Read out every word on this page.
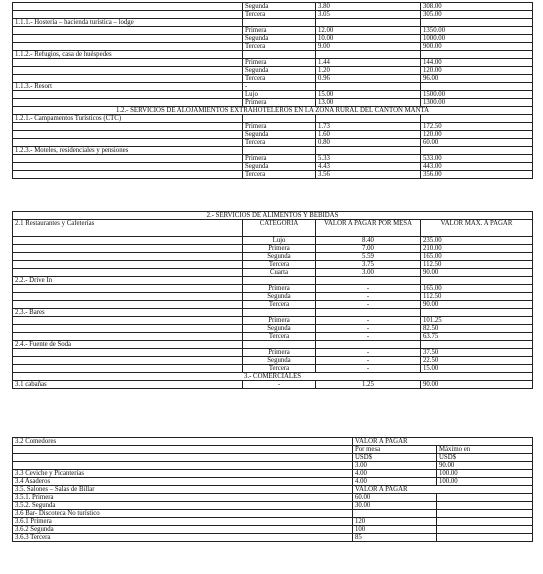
	Segunda	3.80	308.00
	Tercera	3.05	305.00
1.1.1.- Hostería – hacienda turística – lodge			
	Primera	12.00	1350.00
	Segunda	10.00	1000.00
	Tercera	9.00	900.00
1.1.2.- Refugios, casa de huéspedes			
	Primera	1.44	144.00
	Segunda	1.20	120.00
	Tercera	0.96	96.00
1.1.3.- Resort	-		
	Lujo	15.00	1500.00
	Primera	13.00	1300.00
1.2.- SERVICIOS DE ALOJAMIENTOS EXTRAHOTELEROS EN LA ZONA RURAL DEL CANTÓN MANTA			
1.2.1.- Campamentos Turísticos (CTC)			
	Primera	1.73	172.50
	Segunda	1.60	120.00
	Tercera	0.80	60.00
1.2.3.- Moteles, residenciales y pensiones			
	Primera	5.33	533.00
	Segunda	4.43	443.00
	Tercera	3.56	356.00
2.- SERVICIOS DE ALIMENTOS Y BEBIDAS			
2.1 Restaurantes y Cafeterías	CATEGORÍA	VALOR A PAGAR POR MESA	VALOR MAX. A PAGAR
	Lujo	8.40	235.00
	Primera	7.00	210.00
	Segunda	5.59	165.00
	Tercera	3.75	112.50
	Cuarta	3.00	90.00
2.2.- Drive In			
	Primera	-	165.00
	Segunda	-	112.50
	Tercera	-	90.00
2.3.- Bares			
	Primera	-	101.25
	Segunda	-	82.50
	Tercera	-	63.75
2.4.- Fuente de Soda			
	Primera	-	37.50
	Segunda	-	22.50
	Tercera	-	15.00
3.- COMERCIALES			
3.1 cabañas	-	1.25	90.00
3.2 Comedores	VALOR A PAGAR	
	Por mesa	Máximo en
	USD$	USD$
	3.00	90.00
3.3 Ceviche y Picanterías	4.00	100.00
3.4 Asaderos	4.00	100.00
3.5. Salones – Salas de Billar	VALOR A PAGAR	
3.5.1. Primera	60.00	
3.5.2. Segunda	30.00	
3.6 Bar- Discoteca No turístico		
3.6.1 Primera	120	
3.6.2 Segunda	100	
3.6.3 Tercera	85	
